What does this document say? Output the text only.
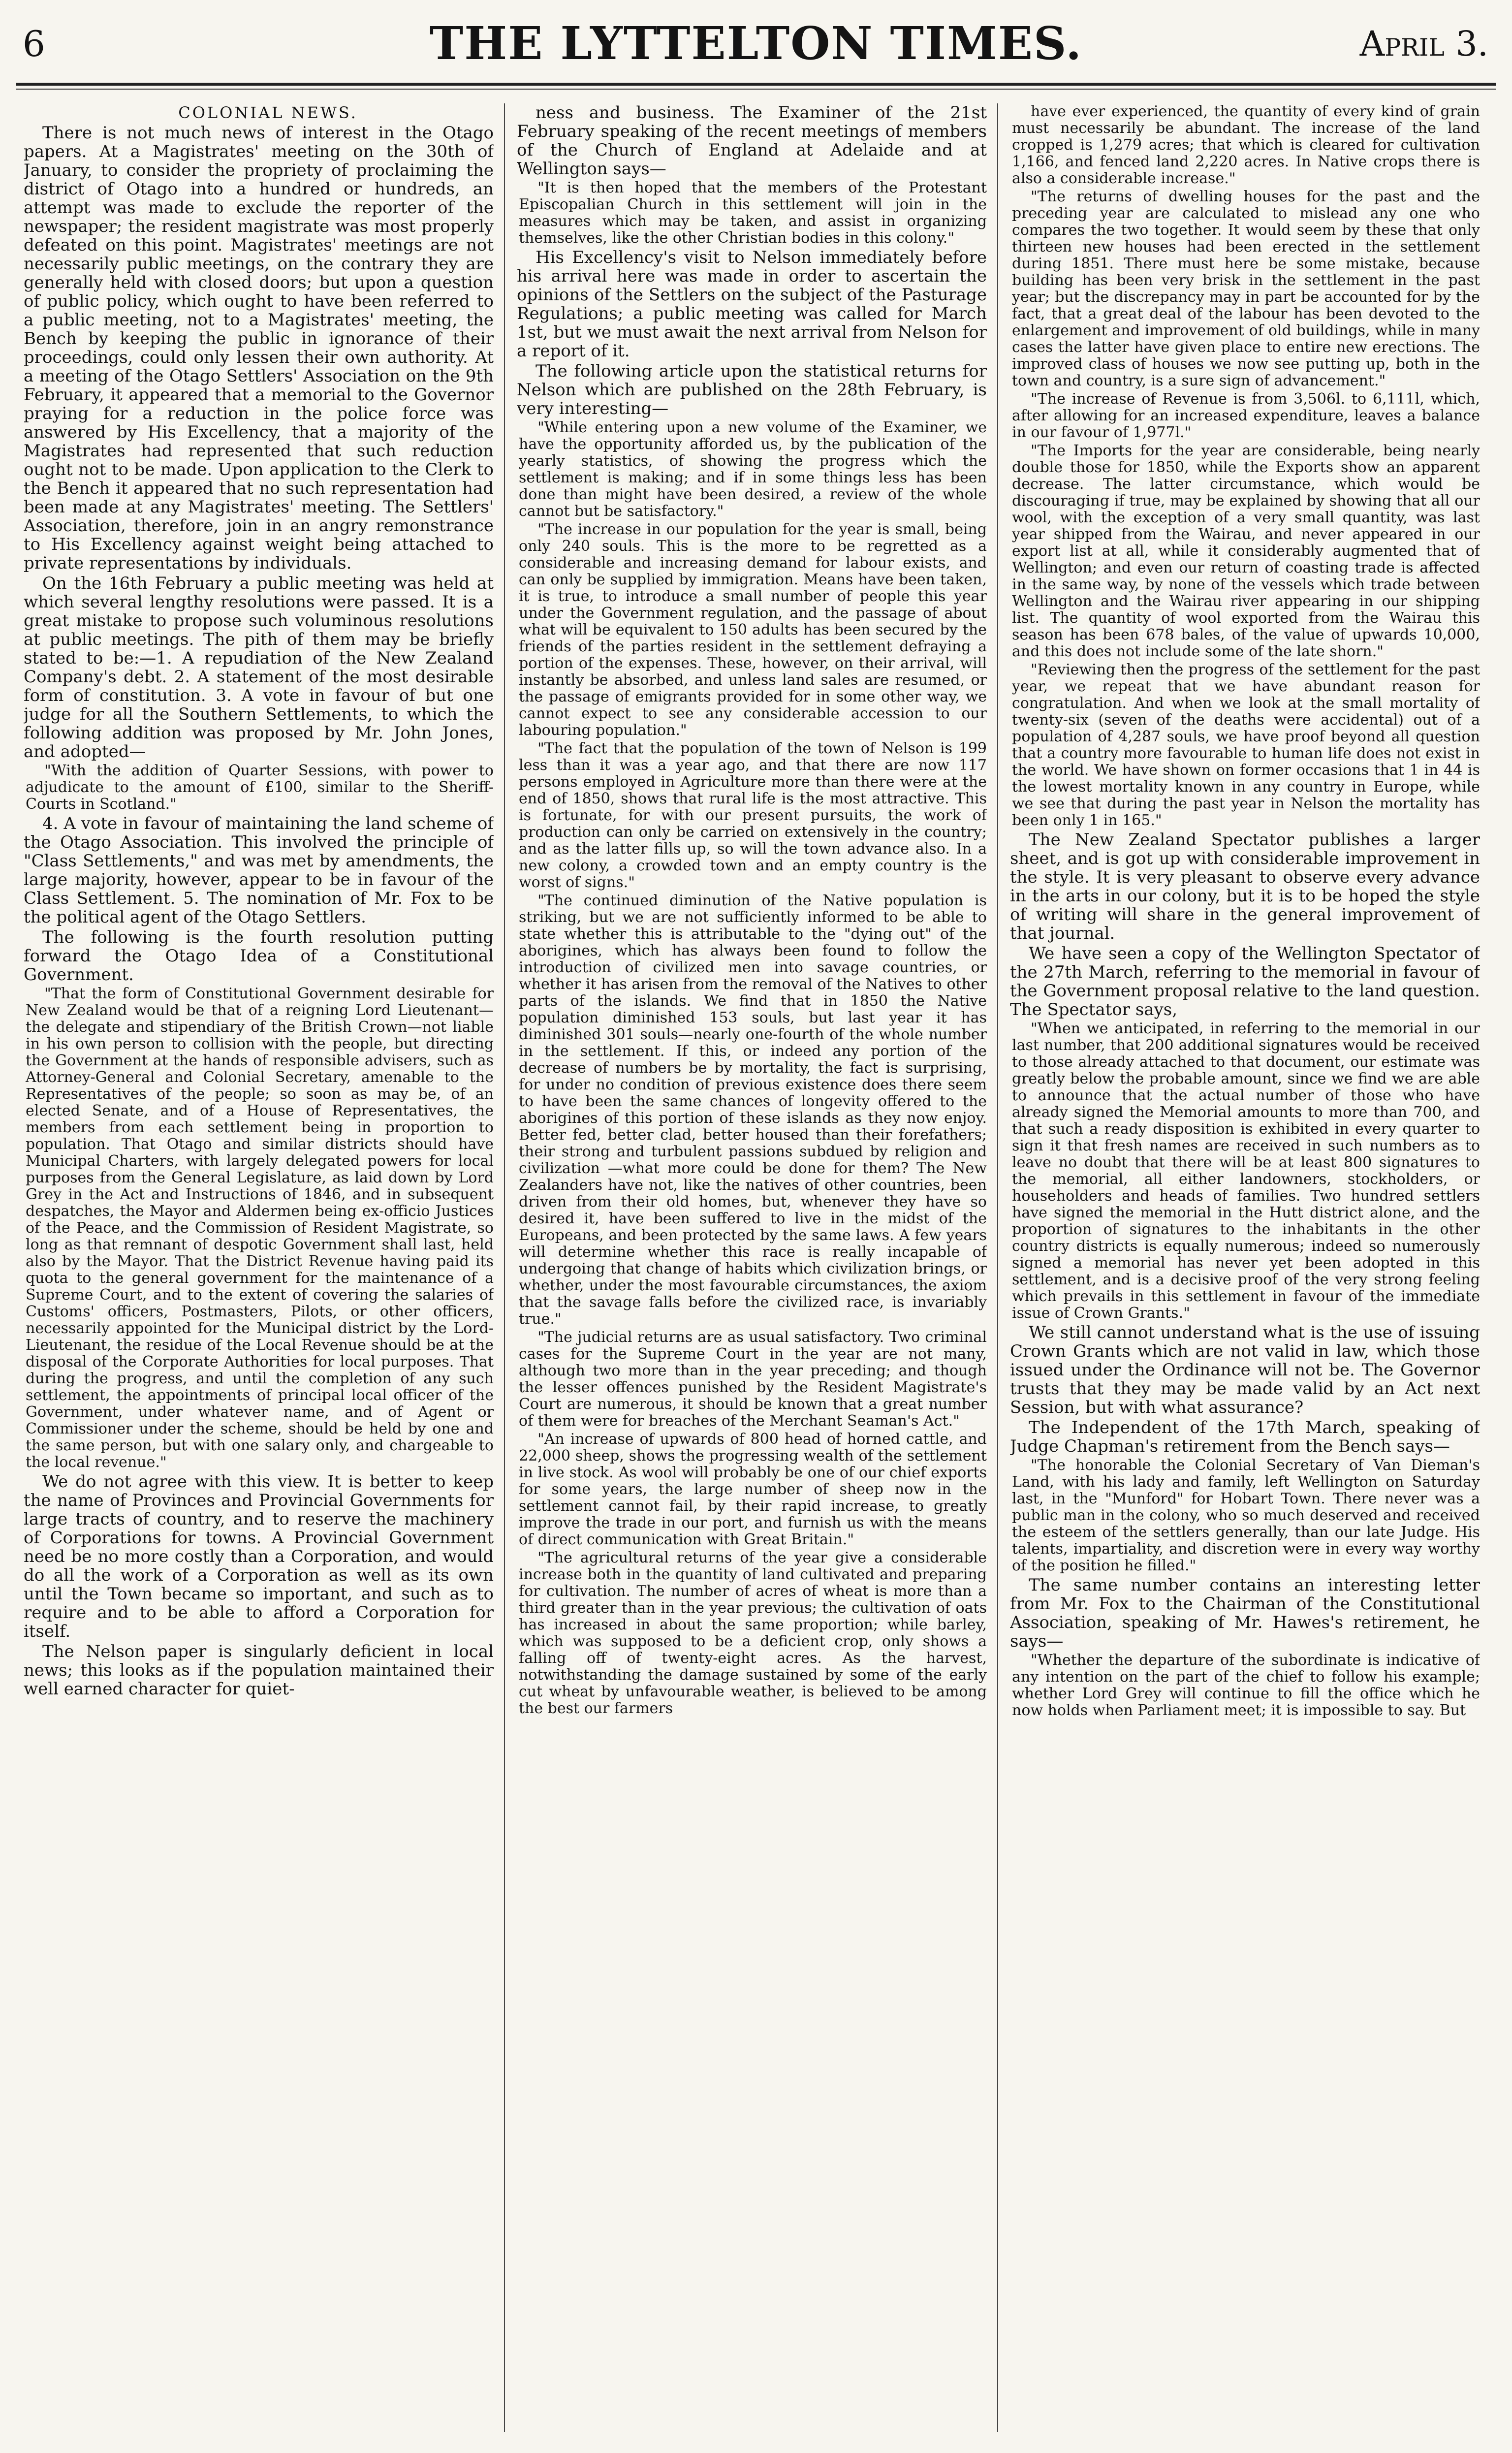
6	THE LYTTELTON TIMES.	April 3.

COLONIAL NEWS.

There is not much news of interest in the Otago papers. At a Magistrates' meeting on the 30th of January, to consider the propriety of proclaiming the district of Otago into a hundred or hundreds, an attempt was made to exclude the reporter of the newspaper; the resident magistrate was most properly defeated on this point. Magistrates' meetings are not necessarily public meetings, on the contrary they are generally held with closed doors; but upon a question of public policy, which ought to have been referred to a public meeting, not to a Magistrates' meeting, the Bench by keeping the public in ignorance of their proceedings, could only lessen their own authority. At a meeting of the Otago Settlers' Association on the 9th February, it appeared that a memorial to the Governor praying for a reduction in the police force was answered by His Excellency, that a majority of the Magistrates had represented that such reduction ought not to be made. Upon application to the Clerk to the Bench it appeared that no such representation had been made at any Magistrates' meeting. The Settlers' Association, therefore, join in an angry remonstrance to His Excellency against weight being attached to private representations by individuals.

On the 16th February a public meeting was held at which several lengthy resolutions were passed. It is a great mistake to propose such voluminous resolutions at public meetings. The pith of them may be briefly stated to be:—1. A repudiation of the New Zealand Company's debt. 2. A statement of the most desirable form of constitution. 3. A vote in favour of but one judge for all the Southern Settlements, to which the following addition was proposed by Mr. John Jones, and adopted—

"With the addition of Quarter Sessions, with power to adjudicate to the amount of £100, similar to the Sheriff-Courts in Scotland."

4. A vote in favour of maintaining the land scheme of the Otago Association. This involved the principle of "Class Settlements," and was met by amendments, the large majority, however, appear to be in favour of the Class Settlement. 5. The nomination of Mr. Fox to be the political agent of the Otago Settlers.

The following is the fourth resolution putting forward the Otago Idea of a Constitutional Government.

"That the form of Constitutional Government desirable for New Zealand would be that of a reigning Lord Lieutenant—the delegate and stipendiary of the British Crown—not liable in his own person to collision with the people, but directing the Government at the hands of responsible advisers, such as Attorney-General and Colonial Secretary, amenable to the Representatives of the people; so soon as may be, of an elected Senate, and of a House of Representatives, the members from each settlement being in proportion to population. That Otago and similar districts should have Municipal Charters, with largely delegated powers for local purposes from the General Legislature, as laid down by Lord Grey in the Act and Instructions of 1846, and in subsequent despatches, the Mayor and Aldermen being ex-officio Justices of the Peace, and the Commission of Resident Magistrate, so long as that remnant of despotic Government shall last, held also by the Mayor. That the District Revenue having paid its quota to the general government for the maintenance of a Supreme Court, and to the extent of covering the salaries of Customs' officers, Postmasters, Pilots, or other officers, necessarily appointed for the Municipal district by the Lord-Lieutenant, the residue of the Local Revenue should be at the disposal of the Corporate Authorities for local purposes. That during the progress, and until the completion of any such settlement, the appointments of principal local officer of the Government, under whatever name, and of Agent or Commissioner under the scheme, should be held by one and the same person, but with one salary only, and chargeable to the local revenue."

We do not agree with this view. It is better to keep the name of Provinces and Provincial Governments for large tracts of country, and to reserve the machinery of Corporations for towns. A Provincial Government need be no more costly than a Corporation, and would do all the work of a Corporation as well as its own until the Town became so important, and such as to require and to be able to afford a Corporation for itself.

The Nelson paper is singularly deficient in local news; this looks as if the population maintained their well earned character for quiet-

ness and business. The Examiner of the 21st February speaking of the recent meetings of members of the Church of England at Adelaide and at Wellington says—

"It is then hoped that the members of the Protestant Episcopalian Church in this settlement will join in the measures which may be taken, and assist in organizing themselves, like the other Christian bodies in this colony."

His Excellency's visit to Nelson immediately before his arrival here was made in order to ascertain the opinions of the Settlers on the subject of the Pasturage Regulations; a public meeting was called for March 1st, but we must await the next arrival from Nelson for a report of it.

The following article upon the statistical returns for Nelson which are published on the 28th February, is very interesting—

"While entering upon a new volume of the Examiner, we have the opportunity afforded us, by the publication of the yearly statistics, of showing the progress which the settlement is making; and if in some things less has been done than might have been desired, a review of the whole cannot but be satisfactory."

"The increase in our population for the year is small, being only 240 souls. This is the more to be regretted as a considerable and increasing demand for labour exists, and can only be supplied by immigration. Means have been taken, it is true, to introduce a small number of people this year under the Government regulation, and the passage of about what will be equivalent to 150 adults has been secured by the friends of the parties resident in the settlement defraying a portion of the expenses. These, however, on their arrival, will instantly be absorbed, and unless land sales are resumed, or the passage of emigrants provided for in some other way, we cannot expect to see any considerable accession to our labouring population."

"The fact that the population of the town of Nelson is 199 less than it was a year ago, and that there are now 117 persons employed in Agriculture more than there were at the end of 1850, shows that rural life is the most attractive. This is fortunate, for with our present pursuits, the work of production can only be carried on extensively in the country; and as the latter fills up, so will the town advance also. In a new colony, a crowded town and an empty country is the worst of signs."

"The continued diminution of the Native population is striking, but we are not sufficiently informed to be able to state whether this is attributable to the "dying out" of the aborigines, which has always been found to follow the introduction of civilized men into savage countries, or whether it has arisen from the removal of the Natives to other parts of the islands. We find that in 1850 the Native population diminished 153 souls, but last year it has diminished 301 souls—nearly one-fourth of the whole number in the settlement. If this, or indeed any portion of the decrease of numbers be by mortality, the fact is surprising, for under no condition of previous existence does there seem to have been the same chances of longevity offered to the aborigines of this portion of these islands as they now enjoy. Better fed, better clad, better housed than their forefathers; their strong and turbulent passions subdued by religion and civilization —what more could be done for them? The New Zealanders have not, like the natives of other countries, been driven from their old homes, but, whenever they have so desired it, have been suffered to live in the midst of the Europeans, and been protected by the same laws. A few years will determine whether this race is really incapable of undergoing that change of habits which civilization brings, or whether, under the most favourable circumstances, the axiom that the savage falls before the civilized race, is invariably true."

"The judicial returns are as usual satisfactory. Two criminal cases for the Supreme Court in the year are not many, although two more than in the year preceding; and though the lesser offences punished by the Resident Magistrate's Court are numerous, it should be known that a great number of them were for breaches of the Merchant Seaman's Act."

"An increase of upwards of 800 head of horned cattle, and 22,000 sheep, shows the progressing wealth of the settlement in live stock. As wool will probably be one of our chief exports for some years, the large number of sheep now in the settlement cannot fail, by their rapid increase, to greatly improve the trade in our port, and furnish us with the means of direct communication with Great Britain."

"The agricultural returns of the year give a considerable increase both in the quantity of land cultivated and preparing for cultivation. The number of acres of wheat is more than a third greater than in the year previous; the cultivation of oats has increased in about the same proportion; while barley, which was supposed to be a deficient crop, only shows a falling off of twenty-eight acres. As the harvest, notwithstanding the damage sustained by some of the early cut wheat by unfavourable weather, is believed to be among the best our farmers

have ever experienced, the quantity of every kind of grain must necessarily be abundant. The increase of the land cropped is 1,279 acres; that which is cleared for cultivation 1,166, and fenced land 2,220 acres. In Native crops there is also a considerable increase."

"The returns of dwelling houses for the past and the preceding year are calculated to mislead any one who compares the two together. It would seem by these that only thirteen new houses had been erected in the settlement during 1851. There must here be some mistake, because building has been very brisk in the settlement in the past year; but the discrepancy may in part be accounted for by the fact, that a great deal of the labour has been devoted to the enlargement and improvement of old buildings, while in many cases the latter have given place to entire new erections. The improved class of houses we now see putting up, both in the town and country, is a sure sign of advancement."

"The increase of Revenue is from 3,506l. to 6,111l, which, after allowing for an increased expenditure, leaves a balance in our favour of 1,977l."

"The Imports for the year are considerable, being nearly double those for 1850, while the Exports show an apparent decrease. The latter circumstance, which would be discouraging if true, may be explained by showing that all our wool, with the exception of a very small quantity, was last year shipped from the Wairau, and never appeared in our export list at all, while it considerably augmented that of Wellington; and even our return of coasting trade is affected in the same way, by none of the vessels which trade between Wellington and the Wairau river appearing in our shipping list. The quantity of wool exported from the Wairau this season has been 678 bales, of the value of upwards 10,000, and this does not include some of the late shorn."

"Reviewing then the progress of the settlement for the past year, we repeat that we have abundant reason for congratulation. And when we look at the small mortality of twenty-six (seven of the deaths were accidental) out of a population of 4,287 souls, we have proof beyond all question that a country more favourable to human life does not exist in the world. We have shown on former occasions that 1 in 44 is the lowest mortality known in any country in Europe, while we see that during the past year in Nelson the mortality has been only 1 in 165."

The New Zealand Spectator publishes a larger sheet, and is got up with considerable improvement in the style. It is very pleasant to observe every advance in the arts in our colony, but it is to be hoped the style of writing will share in the general improvement of that journal.

We have seen a copy of the Wellington Spectator of the 27th March, referring to the memorial in favour of the Government proposal relative to the land question. The Spectator says,

"When we anticipated, in referring to the memorial in our last number, that 200 additional signatures would be received to those already attached to that document, our estimate was greatly below the probable amount, since we find we are able to announce that the actual number of those who have already signed the Memorial amounts to more than 700, and that such a ready disposition is exhibited in every quarter to sign it that fresh names are received in such numbers as to leave no doubt that there will be at least 800 signatures to the memorial, all either landowners, stockholders, or householders and heads of families. Two hundred settlers have signed the memorial in the Hutt district alone, and the proportion of signatures to the inhabitants in the other country districts is equally numerous; indeed so numerously signed a memorial has never yet been adopted in this settlement, and is a decisive proof of the very strong feeling which prevails in this settlement in favour of the immediate issue of Crown Grants."

We still cannot understand what is the use of issuing Crown Grants which are not valid in law, which those issued under the Ordinance will not be. The Governor trusts that they may be made valid by an Act next Session, but with what assurance?

The Independent of the 17th March, speaking of Judge Chapman's retirement from the Bench says—

"The honorable the Colonial Secretary of Van Dieman's Land, with his lady and family, left Wellington on Saturday last, in the "Munford" for Hobart Town. There never was a public man in the colony, who so much deserved and received the esteem of the settlers generally, than our late Judge. His talents, impartiality, and discretion were in every way worthy of the position he filled."

The same number contains an interesting letter from Mr. Fox to the Chairman of the Constitutional Association, speaking of Mr. Hawes's retirement, he says—

"Whether the departure of the subordinate is indicative of any intention on the part of the chief to follow his example; whether Lord Grey will continue to fill the office which he now holds when Parliament meet; it is impossible to say. But
